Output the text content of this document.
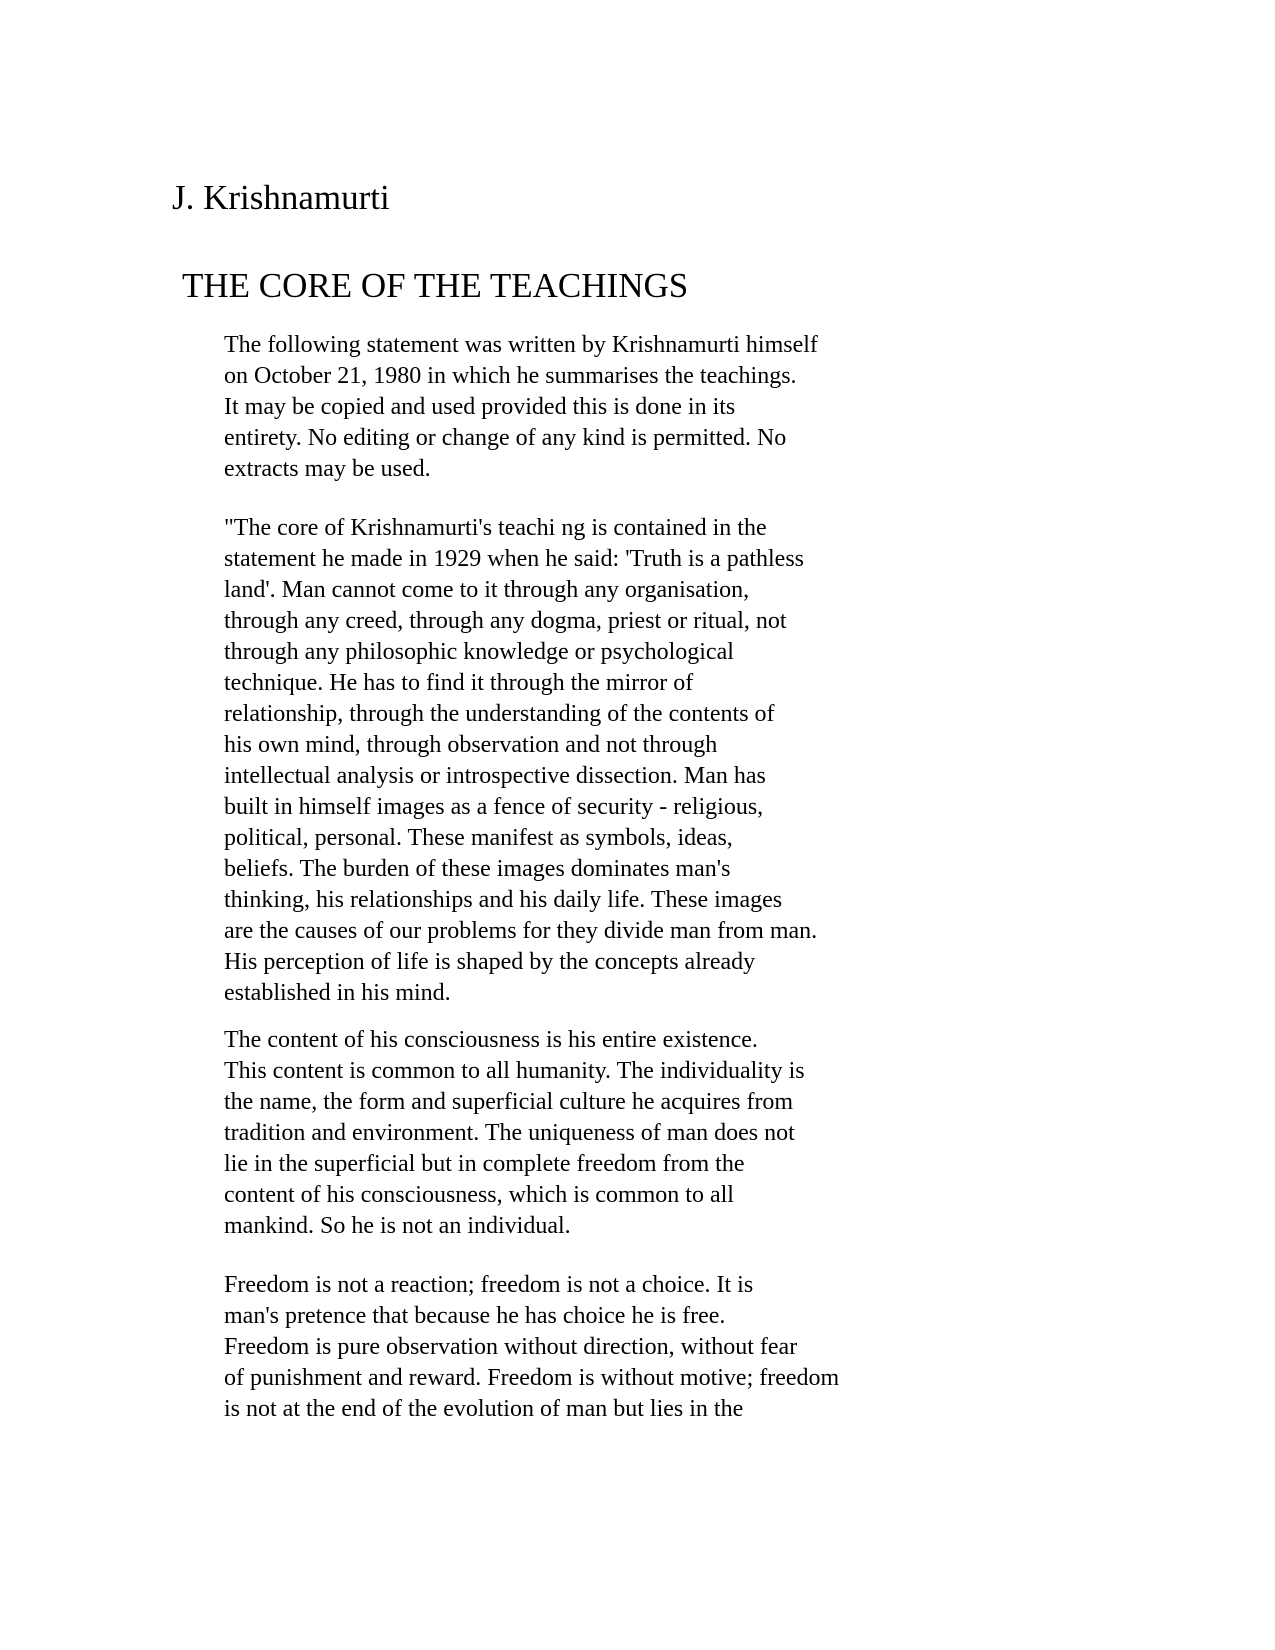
J. Krishnamurti
THE CORE OF THE TEACHINGS
The following statement was written by Krishnamurti himself
on October 21, 1980 in which he summarises the teachings.
It may be copied and used provided this is done in its
entirety. No editing or change of any kind is permitted. No
extracts may be used.
"The core of Krishnamurti's teachi ng is contained in the
statement he made in 1929 when he said: 'Truth is a pathless
land'. Man cannot come to it through any organisation,
through any creed, through any dogma, priest or ritual, not
through any philosophic knowledge or psychological
technique. He has to find it through the mirror of
relationship, through the understanding of the contents of
his own mind, through observation and not through
intellectual analysis or introspective dissection. Man has
built in himself images as a fence of security - religious,
political, personal. These manifest as symbols, ideas,
beliefs. The burden of these images dominates man's
thinking, his relationships and his daily life. These images
are the causes of our problems for they divide man from man.
His perception of life is shaped by the concepts already
established in his mind.
The content of his consciousness is his entire existence.
This content is common to all humanity. The individuality is
the name, the form and superficial culture he acquires from
tradition and environment. The uniqueness of man does not
lie in the superficial but in complete freedom from the
content of his consciousness, which is common to all
mankind. So he is not an individual.
Freedom is not a reaction; freedom is not a choice. It is
man's pretence that because he has choice he is free.
Freedom is pure observation without direction, without fear
of punishment and reward. Freedom is without motive; freedom
is not at the end of the evolution of man but lies in the
